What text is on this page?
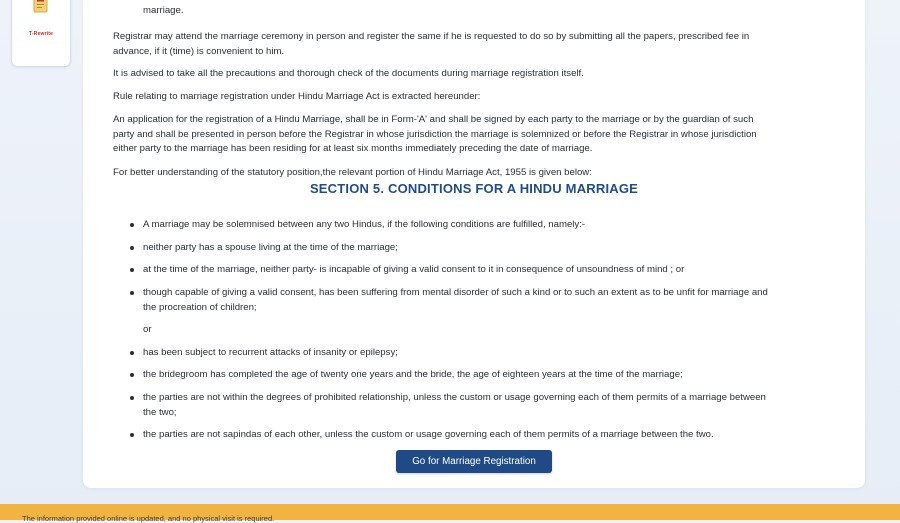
T-Rewrite

marriage.

Registrar may attend the marriage ceremony in person and register the same if he is requested to do so by submitting all the papers, prescribed fee in
advance, if it (time) is convenient to him.

It is advised to take all the precautions and thorough check of the documents during marriage registration itself.

Rule relating to marriage registration under Hindu Marriage Act is extracted hereunder:

An application for the registration of a Hindu Marriage, shall be in Form-'A' and shall be signed by each party to the marriage or by the guardian of such
party and shall be presented in person before the Registrar in whose jurisdiction the marriage is solemnized or before the Registrar in whose jurisdiction
either party to the marriage has been residing for at least six months immediately preceding the date of marriage.

For better understanding of the statutory position,the relevant portion of Hindu Marriage Act, 1955 is given below:

SECTION 5. CONDITIONS FOR A HINDU MARRIAGE
A marriage may be solemnised between any two Hindus, if the following conditions are fulfilled, namely:-
neither party has a spouse living at the time of the marriage;
at the time of the marriage, neither party- is incapable of giving a valid consent to it in consequence of unsoundness of mind ; or
though capable of giving a valid consent, has been suffering from mental disorder of such a kind or to such an extent as to be unfit for marriage and
the procreation of children;
or
has been subject to recurrent attacks of insanity or epilepsy;
the bridegroom has completed the age of twenty one years and the bride, the age of eighteen years at the time of the marriage;
the parties are not within the degrees of prohibited relationship, unless the custom or usage governing each of them permits of a marriage between
the two;
the parties are not sapindas of each other, unless the custom or usage governing each of them permits of a marriage between the two.
Go for Marriage Registration
The information provided online is updated, and no physical visit is required.
